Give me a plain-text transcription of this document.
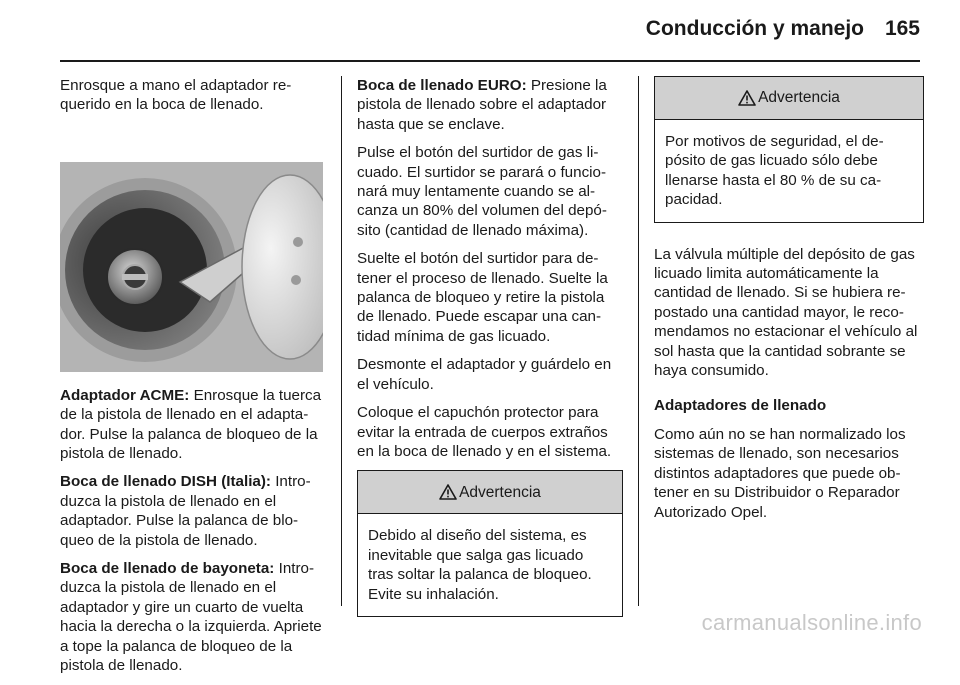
Conducción y manejo 165

Enrosque a mano el adaptador re-querido en la boca de llenado.

Adaptador ACME: Enrosque la tuerca de la pistola de llenado en el adapta-dor. Pulse la palanca de bloqueo de la pistola de llenado.

Boca de llenado DISH (Italia): Intro-duzca la pistola de llenado en el adaptador. Pulse la palanca de blo-queo de la pistola de llenado.

Boca de llenado de bayoneta: Intro-duzca la pistola de llenado en el adaptador y gire un cuarto de vuelta hacia la derecha o la izquierda. Apriete a tope la palanca de bloqueo de la pistola de llenado.

Boca de llenado EURO: Presione la pistola de llenado sobre el adaptador hasta que se enclave.

Pulse el botón del surtidor de gas li-cuado. El surtidor se parará o funcio-nará muy lentamente cuando se al-canza un 80% del volumen del depó-sito (cantidad de llenado máxima).

Suelte el botón del surtidor para de-tener el proceso de llenado. Suelte la palanca de bloqueo y retire la pistola de llenado. Puede escapar una can-tidad mínima de gas licuado.

Desmonte el adaptador y guárdelo en el vehículo.

Coloque el capuchón protector para evitar la entrada de cuerpos extraños en la boca de llenado y en el sistema.

Advertencia
Debido al diseño del sistema, es inevitable que salga gas licuado tras soltar la palanca de bloqueo. Evite su inhalación.
Advertencia
Por motivos de seguridad, el de-pósito de gas licuado sólo debe llenarse hasta el 80 % de su ca-pacidad.

La válvula múltiple del depósito de gas licuado limita automáticamente la cantidad de llenado. Si se hubiera re-postado una cantidad mayor, le reco-mendamos no estacionar el vehículo al sol hasta que la cantidad sobrante se haya consumido.

Adaptadores de llenado

Como aún no se han normalizado los sistemas de llenado, son necesarios distintos adaptadores que puede ob-tener en su Distribuidor o Reparador Autorizado Opel.

carmanualsonline.info
